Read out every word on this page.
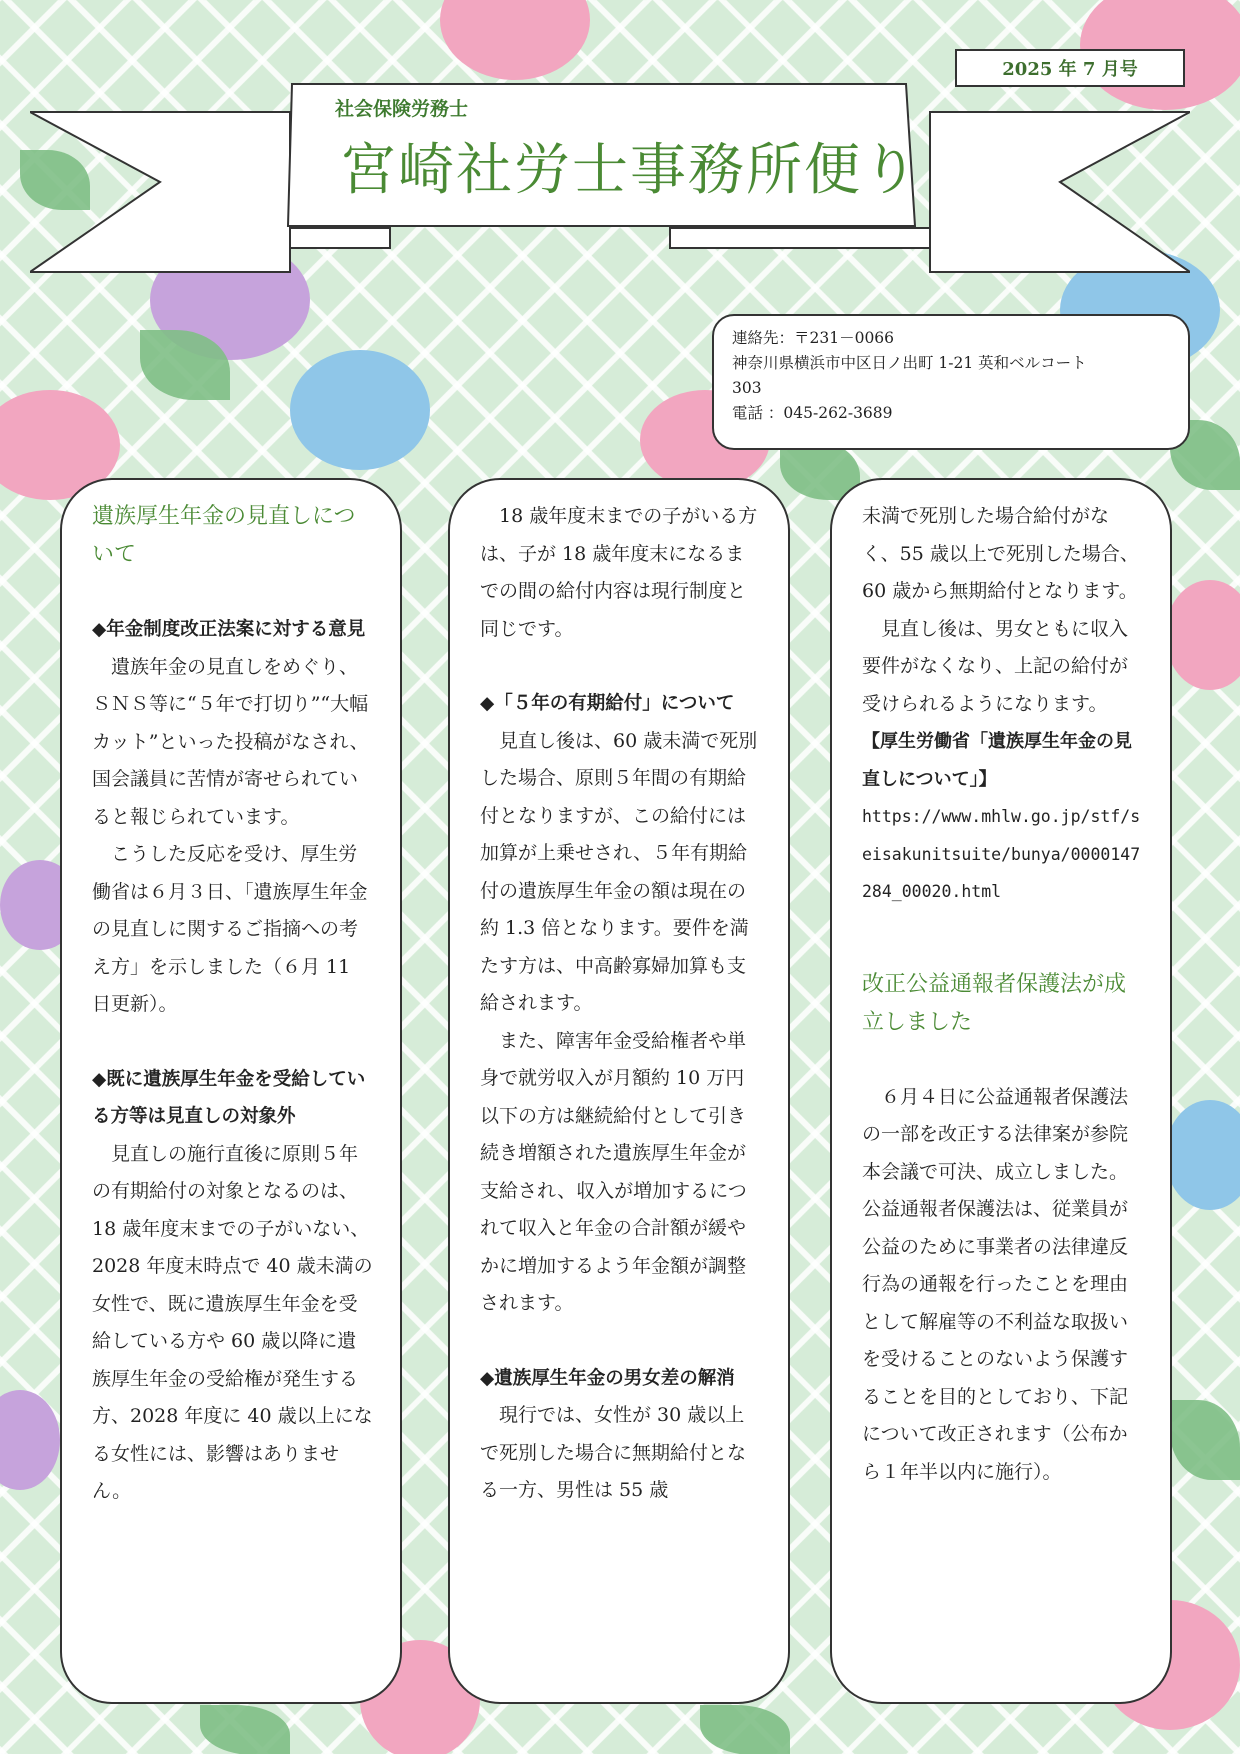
2025 年 7 月号
社会保険労務士
宮崎社労士事務所便り
連絡先：〒231－0066
神奈川県横浜市中区日ノ出町 1-21 英和ベルコート
303
電話 ：045-262-3689
遺族厚生年金の見直しについて
◆年金制度改正法案に対する意見

遺族年金の見直しをめぐり、ＳＮＳ等に“５年で打切り”“大幅カット”といった投稿がなされ、国会議員に苦情が寄せられていると報じられています。

こうした反応を受け、厚生労働省は６月３日、「遺族厚生年金の見直しに関するご指摘への考え方」を示しました（６月 11 日更新）。

◆既に遺族厚生年金を受給している方等は見直しの対象外

見直しの施行直後に原則５年の有期給付の対象となるのは、18 歳年度末までの子がいない、2028 年度末時点で 40 歳未満の女性で、既に遺族厚生年金を受給している方や 60 歳以降に遺族厚生年金の受給権が発生する方、2028 年度に 40 歳以上になる女性には、影響はありません。

18 歳年度末までの子がいる方は、子が 18 歳年度末になるまでの間の給付内容は現行制度と同じです。

◆「５年の有期給付」について

見直し後は、60 歳未満で死別した場合、原則５年間の有期給付となりますが、この給付には加算が上乗せされ、５年有期給付の遺族厚生年金の額は現在の約 1.3 倍となります。要件を満たす方は、中高齢寡婦加算も支給されます。

また、障害年金受給権者や単身で就労収入が月額約 10 万円以下の方は継続給付として引き続き増額された遺族厚生年金が支給され、収入が増加するにつれて収入と年金の合計額が緩やかに増加するよう年金額が調整されます。

◆遺族厚生年金の男女差の解消

現行では、女性が 30 歳以上で死別した場合に無期給付となる一方、男性は 55 歳

未満で死別した場合給付がなく、55 歳以上で死別した場合、60 歳から無期給付となります。

見直し後は、男女ともに収入要件がなくなり、上記の給付が受けられるようになります。

【厚生労働省「遺族厚生年金の見直しについて」】

https://www.mhlw.go.jp/stf/seisakunitsuite/bunya/0000147284_00020.html

改正公益通報者保護法が成立しました

６月４日に公益通報者保護法の一部を改正する法律案が参院本会議で可決、成立しました。公益通報者保護法は、従業員が公益のために事業者の法律違反行為の通報を行ったことを理由として解雇等の不利益な取扱いを受けることのないよう保護することを目的としており、下記について改正されます（公布から１年半以内に施行）。
